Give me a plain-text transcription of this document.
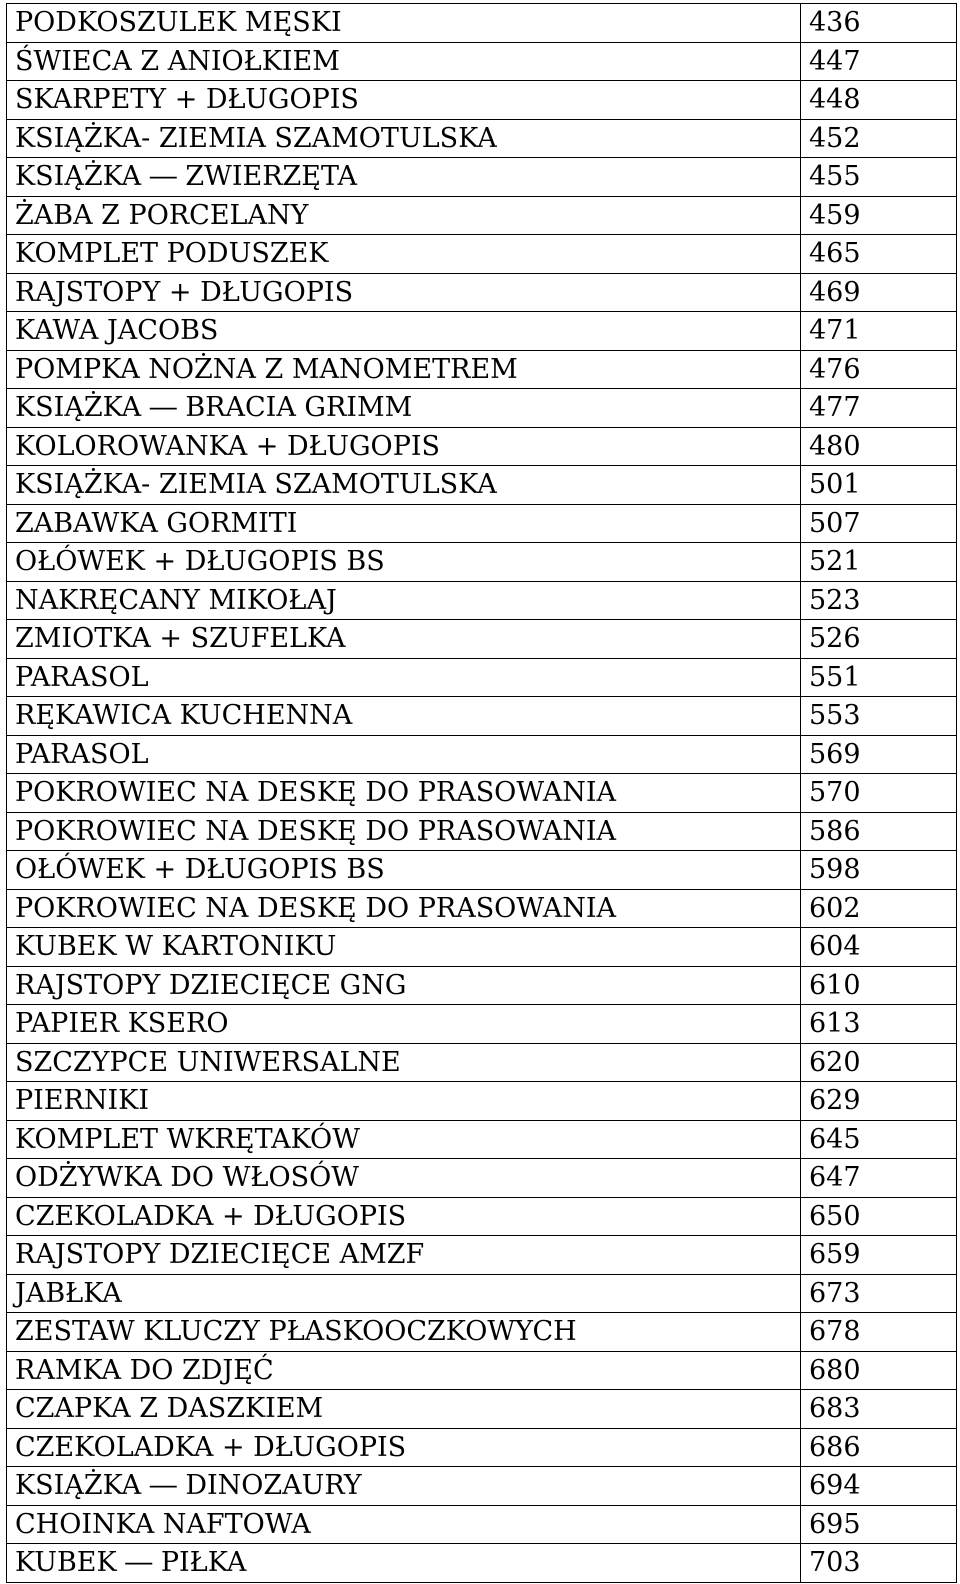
PODKOSZULEK MĘSKI	436
ŚWIECA Z ANIOŁKIEM	447
SKARPETY + DŁUGOPIS	448
KSIĄŻKA- ZIEMIA SZAMOTULSKA	452
KSIĄŻKA ― ZWIERZĘTA	455
ŻABA Z PORCELANY	459
KOMPLET PODUSZEK	465
RAJSTOPY + DŁUGOPIS	469
KAWA JACOBS	471
POMPKA NOŻNA Z MANOMETREM	476
KSIĄŻKA ― BRACIA GRIMM	477
KOLOROWANKA + DŁUGOPIS	480
KSIĄŻKA- ZIEMIA SZAMOTULSKA	501
ZABAWKA GORMITI	507
OŁÓWEK + DŁUGOPIS BS	521
NAKRĘCANY MIKOŁAJ	523
ZMIOTKA + SZUFELKA	526
PARASOL	551
RĘKAWICA KUCHENNA	553
PARASOL	569
POKROWIEC NA DESKĘ DO PRASOWANIA	570
POKROWIEC NA DESKĘ DO PRASOWANIA	586
OŁÓWEK + DŁUGOPIS BS	598
POKROWIEC NA DESKĘ DO PRASOWANIA	602
KUBEK W KARTONIKU	604
RAJSTOPY DZIECIĘCE GNG	610
PAPIER KSERO	613
SZCZYPCE UNIWERSALNE	620
PIERNIKI	629
KOMPLET WKRĘTAKÓW	645
ODŻYWKA DO WŁOSÓW	647
CZEKOLADKA + DŁUGOPIS	650
RAJSTOPY DZIECIĘCE AMZF	659
JABŁKA	673
ZESTAW KLUCZY PŁASKOOCZKOWYCH	678
RAMKA DO ZDJĘĆ	680
CZAPKA Z DASZKIEM	683
CZEKOLADKA + DŁUGOPIS	686
KSIĄŻKA ― DINOZAURY	694
CHOINKA NAFTOWA	695
KUBEK ― PIŁKA	703
